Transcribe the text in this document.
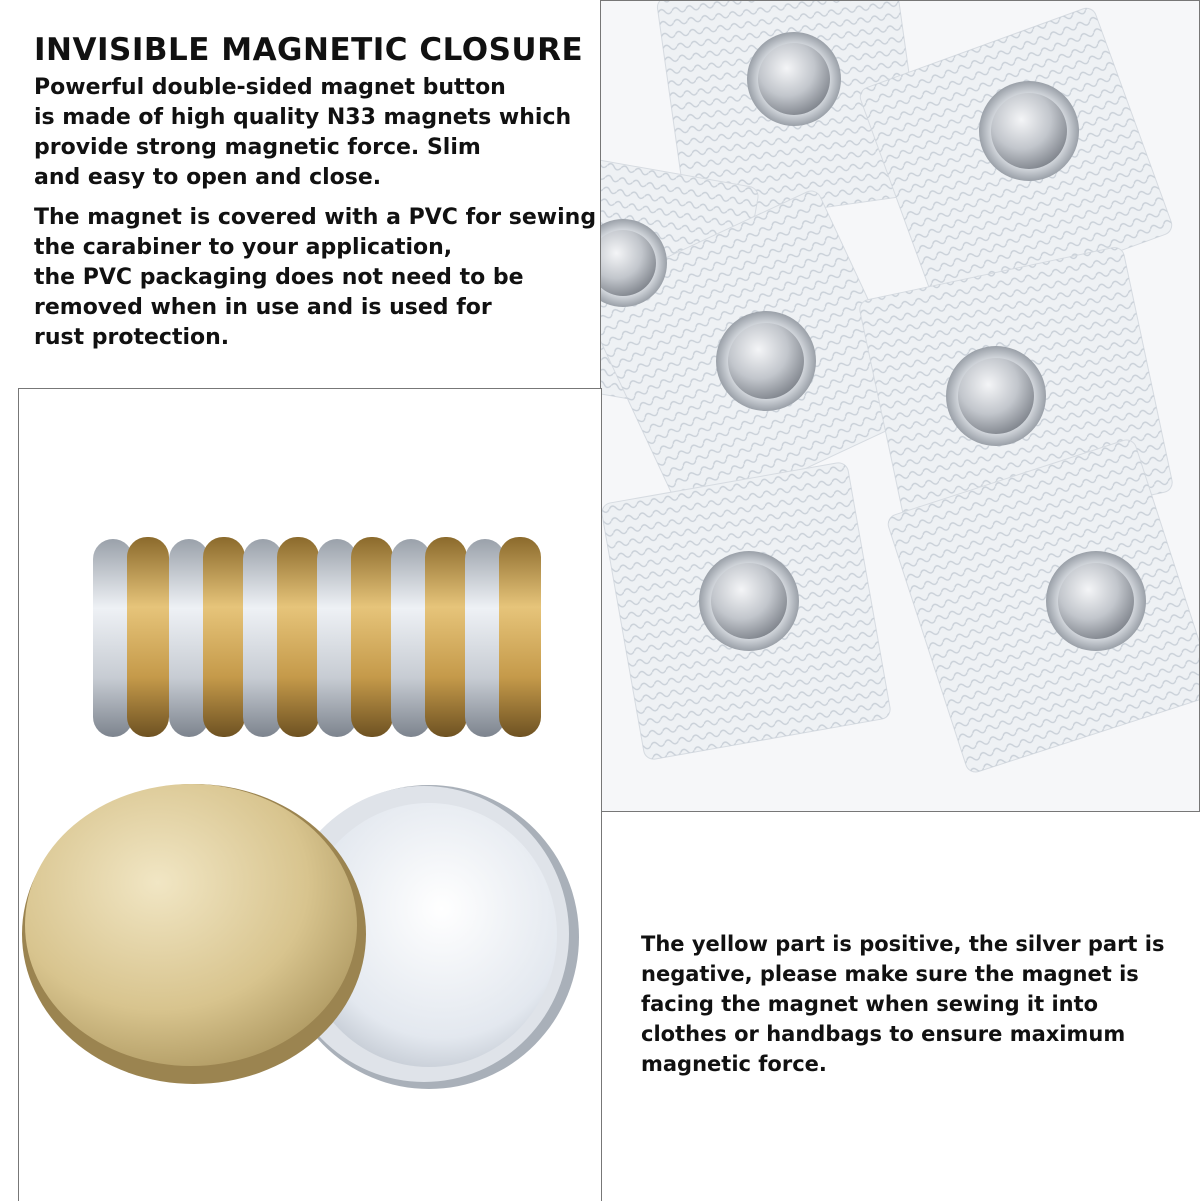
INVISIBLE MAGNETIC CLOSURE

Powerful double-sided magnet button
is made of high quality N33 magnets which
provide strong magnetic force. Slim
and easy to open and close.

The magnet is covered with a PVC for sewing
the carabiner to your application,
the PVC packaging does not need to be
removed when in use and is used for
rust protection.

The yellow part is positive, the silver part is
negative, please make sure the magnet is
facing the magnet when sewing it into
clothes or handbags to ensure maximum
magnetic force.
